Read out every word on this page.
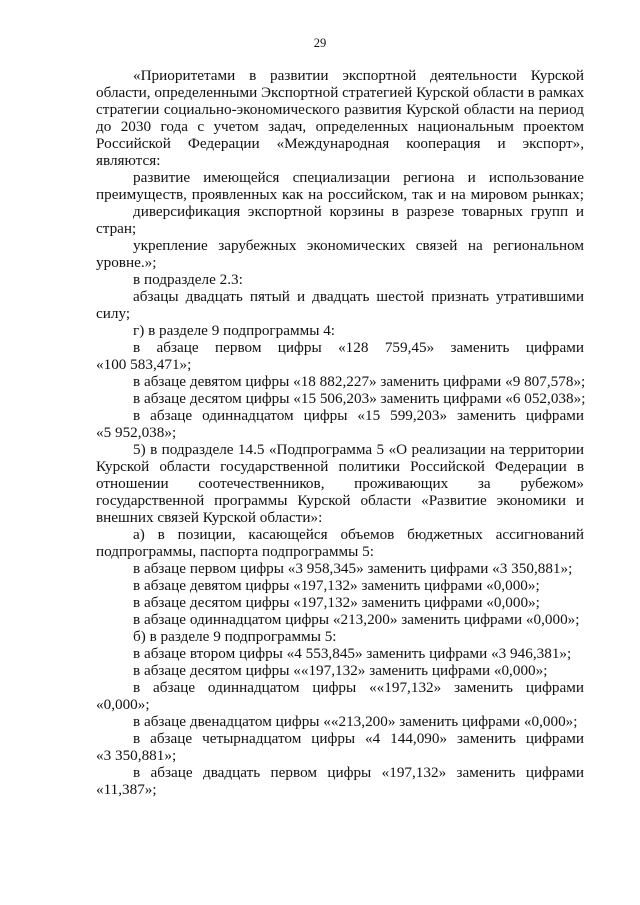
29
«Приоритетами в развитии экспортной деятельности Курской
области, определенными Экспортной стратегией Курской области в рамках
стратегии социально-экономического развития Курской области на период
до 2030 года с учетом задач, определенных национальным проектом
Российской Федерации «Международная кооперация и экспорт»,
являются:
развитие имеющейся специализации региона и использование
преимуществ, проявленных как на российском, так и на мировом рынках;
диверсификация экспортной корзины в разрезе товарных групп и
стран;
укрепление зарубежных экономических связей на региональном
уровне.»;
в подразделе 2.3:
абзацы двадцать пятый и двадцать шестой признать утратившими
силу;
г) в разделе 9 подпрограммы 4:
в абзаце первом цифры «128 759,45» заменить цифрами
«100 583,471»;
в абзаце девятом цифры «18 882,227» заменить цифрами «9 807,578»;
в абзаце десятом цифры «15 506,203» заменить цифрами «6 052,038»;
в абзаце одиннадцатом цифры «15 599,203» заменить цифрами
«5 952,038»;
5) в подразделе 14.5 «Подпрограмма 5 «О реализации на территории
Курской области государственной политики Российской Федерации в
отношении соотечественников, проживающих за рубежом»
государственной программы Курской области «Развитие экономики и
внешних связей Курской области»:
а) в позиции, касающейся объемов бюджетных ассигнований
подпрограммы, паспорта подпрограммы 5:
в абзаце первом цифры «3 958,345» заменить цифрами «3 350,881»;
в абзаце девятом цифры «197,132» заменить цифрами «0,000»;
в абзаце десятом цифры «197,132» заменить цифрами «0,000»;
в абзаце одиннадцатом цифры «213,200» заменить цифрами «0,000»;
б) в разделе 9 подпрограммы 5:
в абзаце втором цифры «4 553,845» заменить цифрами «3 946,381»;
в абзаце десятом цифры ««197,132» заменить цифрами «0,000»;
в абзаце одиннадцатом цифры ««197,132» заменить цифрами
«0,000»;
в абзаце двенадцатом цифры ««213,200» заменить цифрами «0,000»;
в абзаце четырнадцатом цифры «4 144,090» заменить цифрами
«3 350,881»;
в абзаце двадцать первом цифры «197,132» заменить цифрами
«11,387»;
